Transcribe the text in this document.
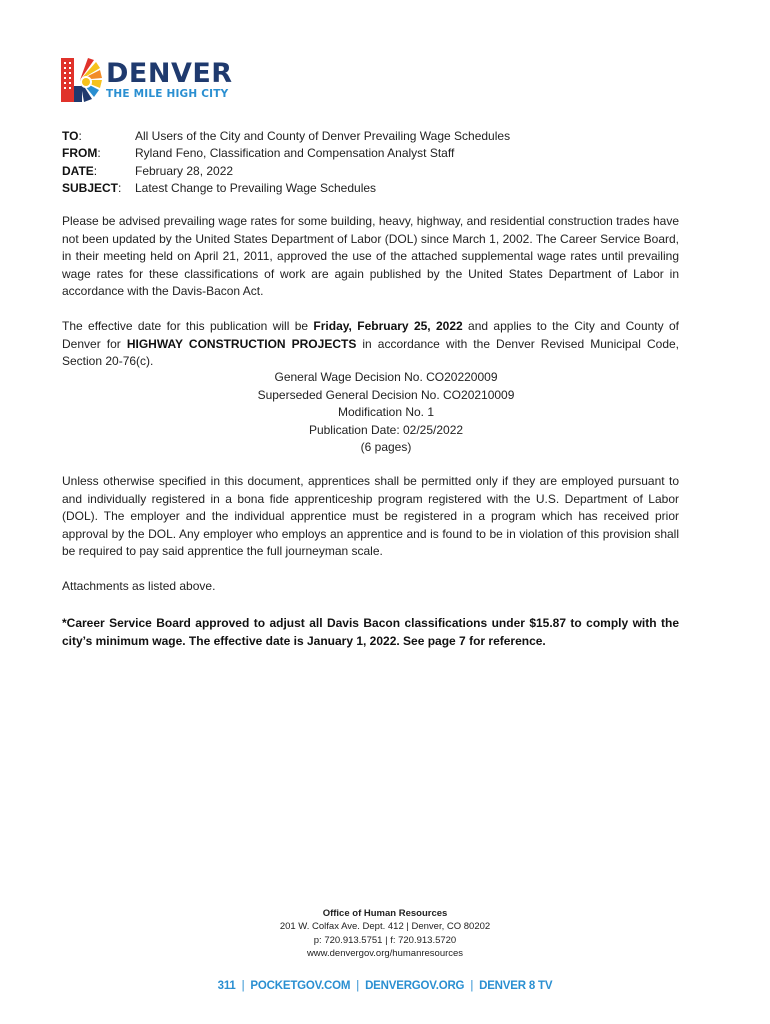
DENVER
THE MILE HIGH CITY
TO:	All Users of the City and County of Denver Prevailing Wage Schedules
FROM:	Ryland Feno, Classification and Compensation Analyst Staff
DATE:	February 28, 2022
SUBJECT:	Latest Change to Prevailing Wage Schedules
Please be advised prevailing wage rates for some building, heavy, highway, and residential construction trades have not been updated by the United States Department of Labor (DOL) since March 1, 2002. The Career Service Board, in their meeting held on April 21, 2011, approved the use of the attached supplemental wage rates until prevailing wage rates for these classifications of work are again published by the United States Department of Labor in accordance with the Davis-Bacon Act.
The effective date for this publication will be Friday, February 25, 2022 and applies to the City and County of Denver for HIGHWAY CONSTRUCTION PROJECTS in accordance with the Denver Revised Municipal Code, Section 20-76(c).
General Wage Decision No. CO20220009
Superseded General Decision No. CO20210009
Modification No. 1
Publication Date: 02/25/2022
(6 pages)
Unless otherwise specified in this document, apprentices shall be permitted only if they are employed pursuant to and individually registered in a bona fide apprenticeship program registered with the U.S. Department of Labor (DOL). The employer and the individual apprentice must be registered in a program which has received prior approval by the DOL. Any employer who employs an apprentice and is found to be in violation of this provision shall be required to pay said apprentice the full journeyman scale.
Attachments as listed above.
*Career Service Board approved to adjust all Davis Bacon classifications under $15.87 to comply with the city’s minimum wage. The effective date is January 1, 2022. See page 7 for reference.
Office of Human Resources
201 W. Colfax Ave. Dept. 412 | Denver, CO 80202
p: 720.913.5751 | f: 720.913.5720
www.denvergov.org/humanresources
311 | POCKETGOV.COM | DENVERGOV.ORG | DENVER 8 TV
